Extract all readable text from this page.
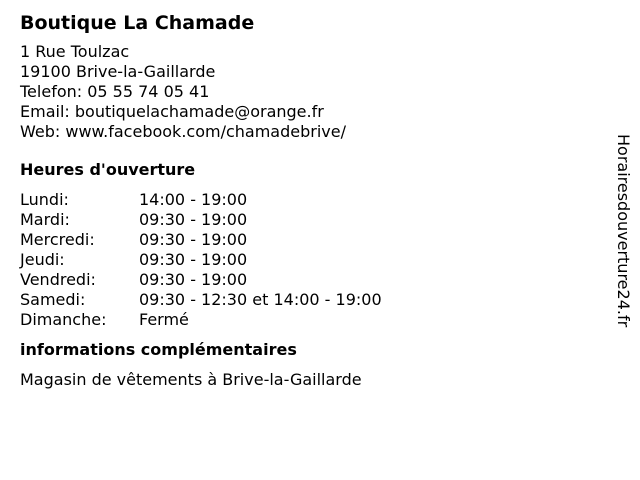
Boutique La Chamade
1 Rue Toulzac
19100 Brive-la-Gaillarde
Telefon: 05 55 74 05 41
Email: boutiquelachamade@orange.fr
Web: www.facebook.com/chamadebrive/
Heures d'ouverture
Lundi:	14:00 - 19:00
Mardi:	09:30 - 19:00
Mercredi:	09:30 - 19:00
Jeudi:	09:30 - 19:00
Vendredi:	09:30 - 19:00
Samedi:	09:30 - 12:30 et 14:00 - 19:00
Dimanche:	Fermé
informations complémentaires
Magasin de vêtements à Brive-la-Gaillarde
Horairesdouverture24.fr
